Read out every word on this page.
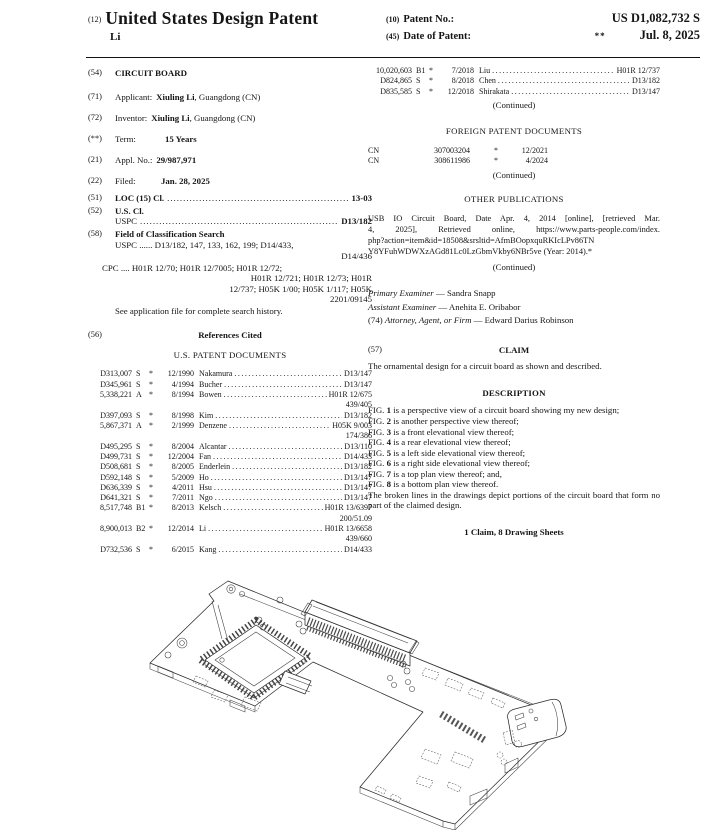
(12) United States Design Patent
Li
(10) Patent No.:	US D1,082,732 S
(45) Date of Patent:	**	Jul. 8, 2025
(54)	CIRCUIT BOARD
(71)	Applicant: Xiuling Li, Guangdong (CN)
(72)	Inventor: Xiuling Li, Guangdong (CN)
(**)	Term:	15 Years
(21)	Appl. No.: 29/987,971
(22)	Filed:	Jan. 28, 2025
(51)	LOC (15) Cl. .....	13-03
(52)	U.S. Cl.
USPC .....	D13/182
(58)	Field of Classification Search
USPC ...... D13/182, 147, 133, 162, 199; D14/433,
D14/436
CPC .... H01R 12/70; H01R 12/7005; H01R 12/72;
H01R 12/721; H01R 12/73; H01R
12/737; H05K 1/00; H05K 1/117; H05K
2201/09145
See application file for complete search history.
(56)	References Cited
U.S. PATENT DOCUMENTS
D313,007 S	*	12/1990 Nakamura .....	D13/147
D345,961 S	*	4/1994 Bucher .....	D13/147
5,338,221 A *	8/1994 Bowen .....	H01R 12/675
439/405
D397,093 S	*	8/1998 Kim .....	D13/182
5,867,371 A *	2/1999 Denzene .....	H05K 9/003
174/386
D495,295 S	*	8/2004 Alcantar .....	D13/110
D499,731 S	*	12/2004 Fan .....	D14/433
D508,681 S	*	8/2005 Enderlein .....	D13/182
D592,148 S	*	5/2009 Ho .....	D13/147
D636,339 S	*	4/2011 Hsu .....	D13/147
D641,321 S	*	7/2011 Ngo .....	D13/147
8,517,748 B1 *	8/2013 Kelsch .....	H01R 13/6397
200/51.09
8,900,013 B2 *	12/2014 Li .....	H01R 13/6658
439/660
D732,536 S	*	6/2015 Kang .....	D14/433
10,020,603 B1 *	7/2018 Liu .....	H01R 12/737
D824,865 S	*	8/2018 Chen .....	D13/182
D835,585 S	*	12/2018 Shirakata .....	D13/147
(Continued)
FOREIGN PATENT DOCUMENTS
CN	307003204	*	12/2021
CN	308611986	*	4/2024
(Continued)
OTHER PUBLICATIONS
USB IO Circuit Board, Date Apr. 4, 2014 [online], [retrieved Mar.
4, 2025], Retrieved online, https://www.parts-people.com/index.
php?action=item&id=18508&srsltid=AfmBOopxquRKIcLPv86TN
Y8YFuhWDWXzAGd81Lc0LzGbmVkby6NBr5ve (Year: 2014).*
(Continued)
Primary Examiner — Sandra Snapp
Assistant Examiner — Anehita E. Oribabor
(74) Attorney, Agent, or Firm — Edward Darius Robinson
(57)	CLAIM
The ornamental design for a circuit board as shown and described.
DESCRIPTION
FIG. 1 is a perspective view of a circuit board showing my new design;
FIG. 2 is another perspective view thereof;
FIG. 3 is a front elevational view thereof;
FIG. 4 is a rear elevational view thereof;
FIG. 5 is a left side elevational view thereof;
FIG. 6 is a right side elevational view thereof;
FIG. 7 is a top plan view thereof; and,
FIG. 8 is a bottom plan view thereof.
The broken lines in the drawings depict portions of the circuit board that form no part of the claimed design.
1 Claim, 8 Drawing Sheets
